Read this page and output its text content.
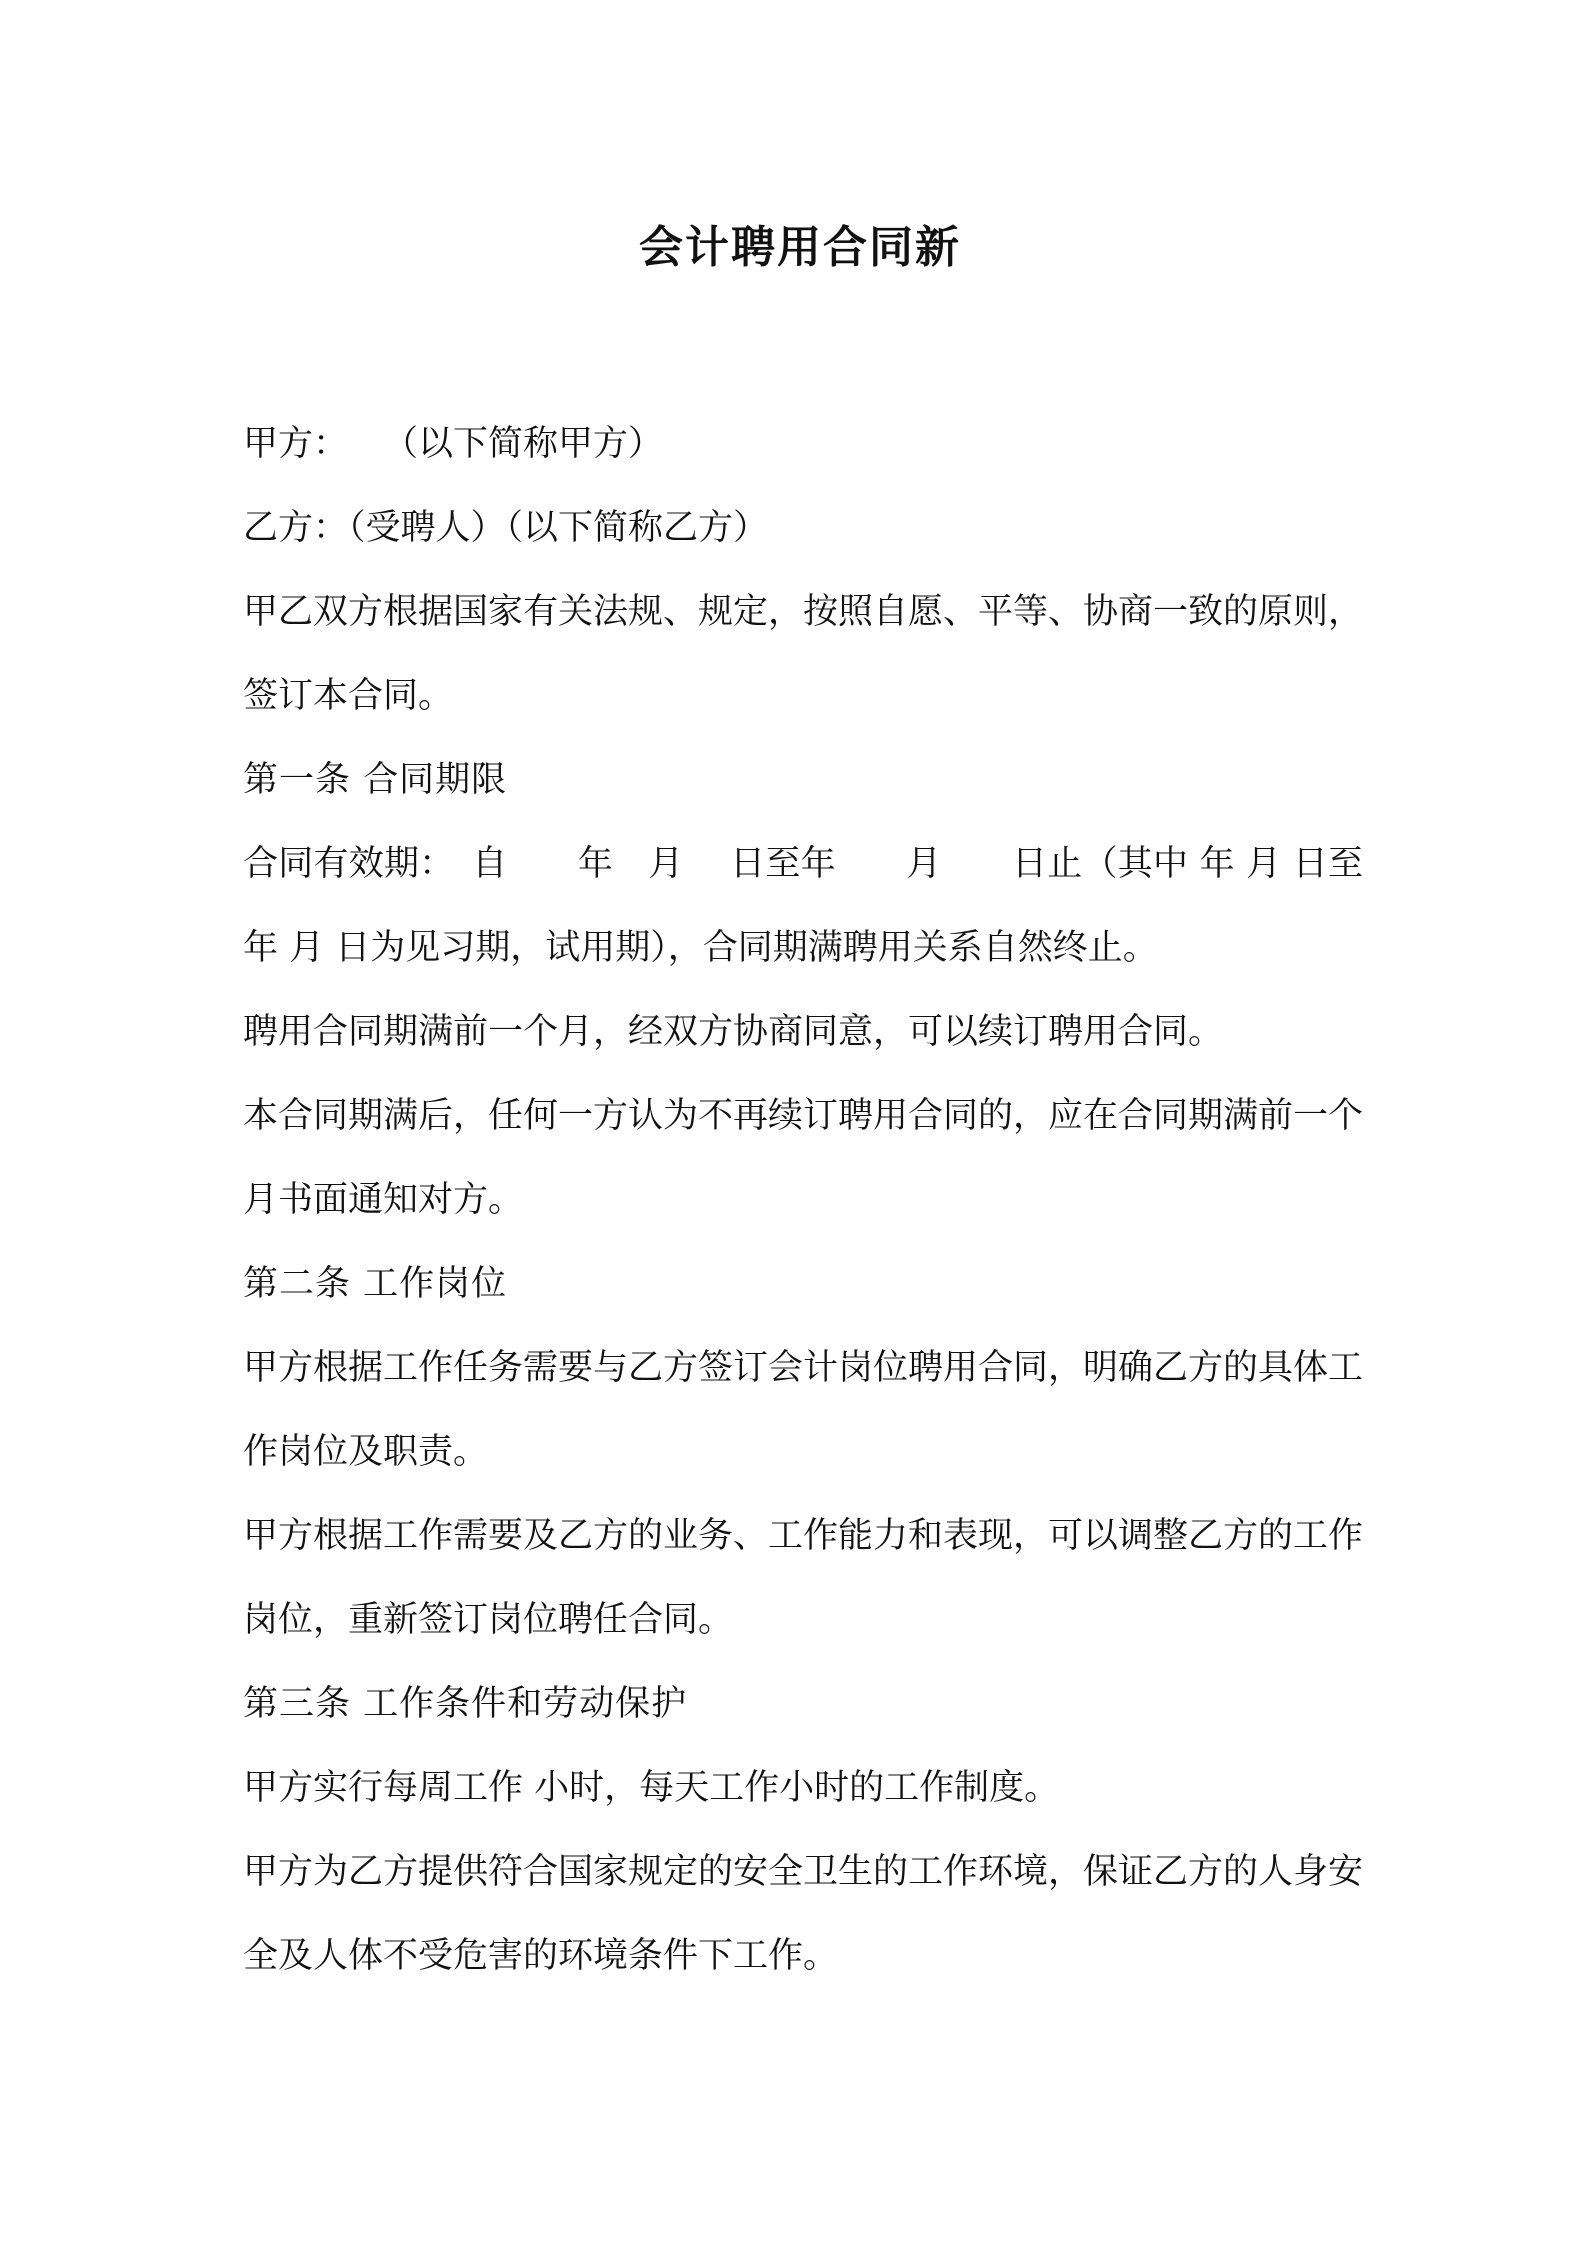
会计聘用合同新

甲方：　　（以下简称甲方）

乙方：（受聘人）（以下简称乙方）

甲乙双方根据国家有关法规、规定，按照自愿、平等、协商一致的原则，签订本合同。

第一条 合同期限

合同有效期：　自　　年　月　 日至年　　月　　日止（其中 年 月 日至 年 月 日为见习期，试用期），合同期满聘用关系自然终止。

聘用合同期满前一个月，经双方协商同意，可以续订聘用合同。

本合同期满后，任何一方认为不再续订聘用合同的，应在合同期满前一个月书面通知对方。

第二条 工作岗位

甲方根据工作任务需要与乙方签订会计岗位聘用合同，明确乙方的具体工作岗位及职责。

甲方根据工作需要及乙方的业务、工作能力和表现，可以调整乙方的工作岗位，重新签订岗位聘任合同。

第三条 工作条件和劳动保护

甲方实行每周工作 小时，每天工作小时的工作制度。

甲方为乙方提供符合国家规定的安全卫生的工作环境，保证乙方的人身安全及人体不受危害的环境条件下工作。
